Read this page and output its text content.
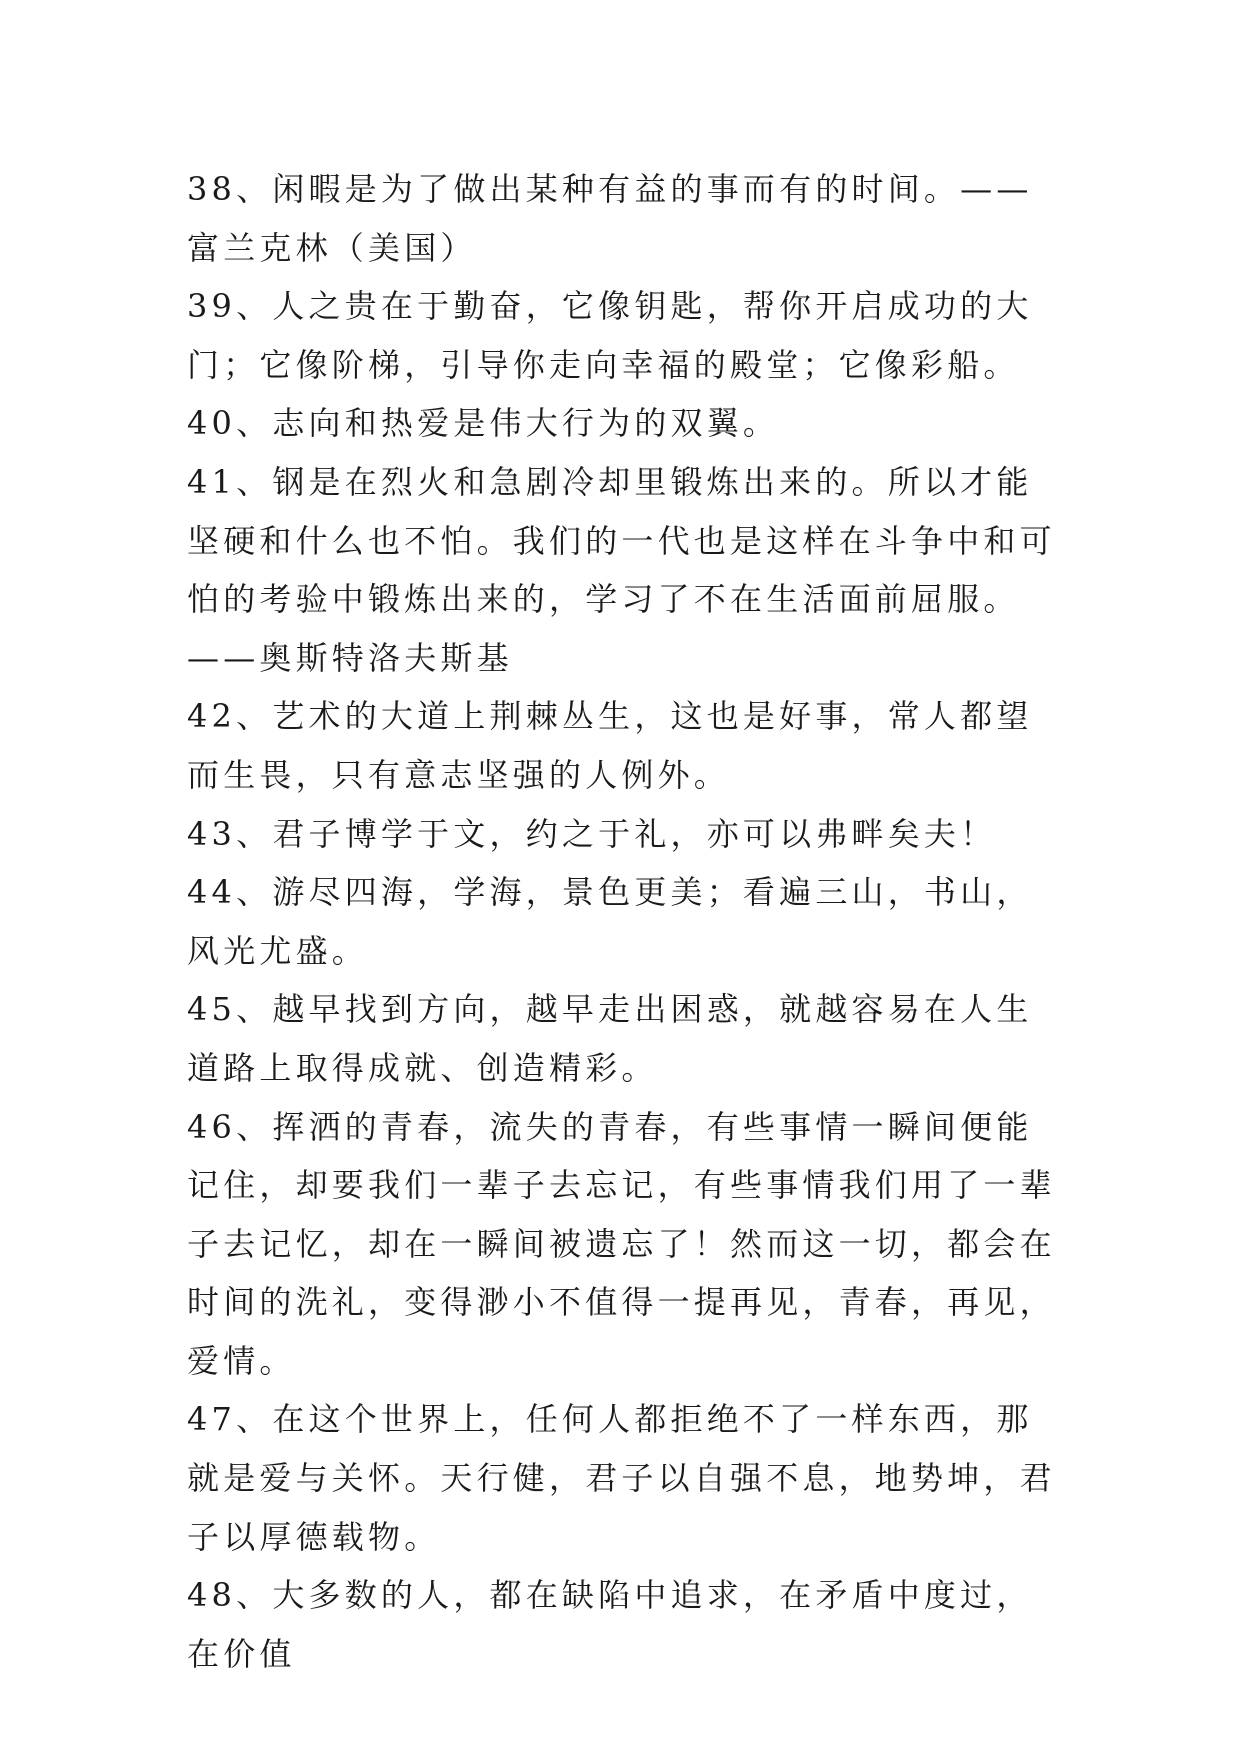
38、闲暇是为了做出某种有益的事而有的时间。——富兰克林（美国）

39、人之贵在于勤奋，它像钥匙，帮你开启成功的大门；它像阶梯，引导你走向幸福的殿堂；它像彩船。

40、志向和热爱是伟大行为的双翼。

41、钢是在烈火和急剧冷却里锻炼出来的。所以才能坚硬和什么也不怕。我们的一代也是这样在斗争中和可怕的考验中锻炼出来的，学习了不在生活面前屈服。——奥斯特洛夫斯基

42、艺术的大道上荆棘丛生，这也是好事，常人都望而生畏，只有意志坚强的人例外。

43、君子博学于文，约之于礼，亦可以弗畔矣夫！

44、游尽四海，学海，景色更美；看遍三山，书山，风光尤盛。

45、越早找到方向，越早走出困惑，就越容易在人生道路上取得成就、创造精彩。

46、挥洒的青春，流失的青春，有些事情一瞬间便能记住，却要我们一辈子去忘记，有些事情我们用了一辈子去记忆，却在一瞬间被遗忘了！然而这一切，都会在时间的洗礼，变得渺小不值得一提再见，青春，再见，爱情。

47、在这个世界上，任何人都拒绝不了一样东西，那就是爱与关怀。天行健，君子以自强不息，地势坤，君子以厚德载物。

48、大多数的人，都在缺陷中追求，在矛盾中度过，在价值
